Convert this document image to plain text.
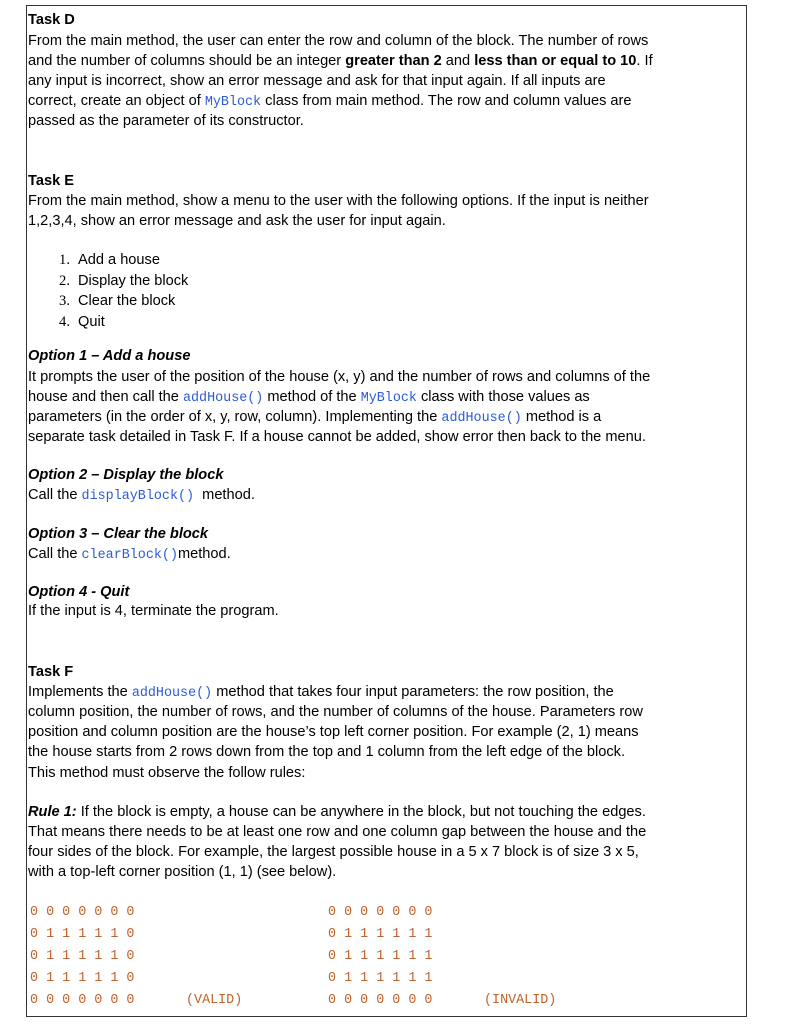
Task D
From the main method, the user can enter the row and column of the block. The number of rows
and the number of columns should be an integer greater than 2 and less than or equal to 10. If
any input is incorrect, show an error message and ask for that input again. If all inputs are
correct, create an object of MyBlock class from main method. The row and column values are
passed as the parameter of its constructor.
Task E
From the main method, show a menu to the user with the following options. If the input is neither
1,2,3,4, show an error message and ask the user for input again.
1. Add a house
2. Display the block
3. Clear the block
4. Quit
Option 1 – Add a house
It prompts the user of the position of the house (x, y) and the number of rows and columns of the
house and then call the addHouse() method of the MyBlock class with those values as
parameters (in the order of x, y, row, column). Implementing the addHouse() method is a
separate task detailed in Task F. If a house cannot be added, show error then back to the menu.
Option 2 – Display the block
Call the displayBlock()  method.
Option 3 – Clear the block
Call the clearBlock()method.
Option 4 - Quit
If the input is 4, terminate the program.
Task F
Implements the addHouse() method that takes four input parameters: the row position, the
column position, the number of rows, and the number of columns of the house. Parameters row
position and column position are the house’s top left corner position. For example (2, 1) means
the house starts from 2 rows down from the top and 1 column from the left edge of the block.
This method must observe the follow rules:
Rule 1: If the block is empty, a house can be anywhere in the block, but not touching the edges.
That means there needs to be at least one row and one column gap between the house and the
four sides of the block. For example, the largest possible house in a 5 x 7 block is of size 3 x 5,
with a top-left corner position (1, 1) (see below).
0 0 0 0 0 0 0
0 1 1 1 1 1 0
0 1 1 1 1 1 0
0 1 1 1 1 1 0
0 0 0 0 0 0 0	(VALID)
0 0 0 0 0 0 0
0 1 1 1 1 1 1
0 1 1 1 1 1 1
0 1 1 1 1 1 1
0 0 0 0 0 0 0	(INVALID)
